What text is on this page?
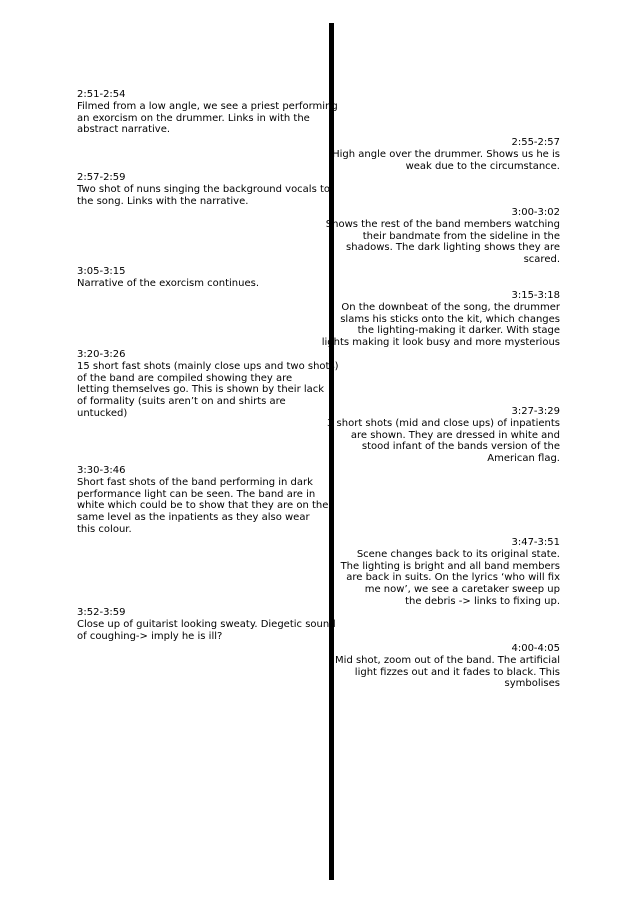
2:51-2:54
Filmed from a low angle, we see a priest performing
an exorcism on the drummer. Links in with the
abstract narrative.
2:55-2:57
High angle over the drummer. Shows us he is
weak due to the circumstance.
2:57-2:59
Two shot of nuns singing the background vocals to
the song. Links with the narrative.
3:00-3:02
Shows the rest of the band members watching
their bandmate from the sideline in the
shadows. The dark lighting shows they are
scared.
3:05-3:15
Narrative of the exorcism continues.
3:15-3:18
On the downbeat of the song, the drummer
slams his sticks onto the kit, which changes
the lighting-making it darker. With stage
lights making it look busy and more mysterious
3:20-3:26
15 short fast shots (mainly close ups and two shots)
of the band are compiled showing they are
letting themselves go. This is shown by their lack
of formality (suits aren’t on and shirts are untucked)	3:27-3:29
3 short shots (mid and close ups) of inpatients
are shown. They are dressed in white and
stood infant of the bands version of the
American flag.
3:30-3:46
Short fast shots of the band performing in dark
performance light can be seen. The band are in
white which could be to show that they are on the
same level as the inpatients as they also wear
this colour.
3:47-3:51
Scene changes back to its original state.
The lighting is bright and all band members
are back in suits. On the lyrics ‘who will fix
me now’, we see a caretaker sweep up
the debris -> links to fixing up.
3:52-3:59
Close up of guitarist looking sweaty. Diegetic sound
of coughing-> imply he is ill?
4:00-4:05
Mid shot, zoom out of the band. The artificial
light fizzes out and it fades to black. This
symbolises
